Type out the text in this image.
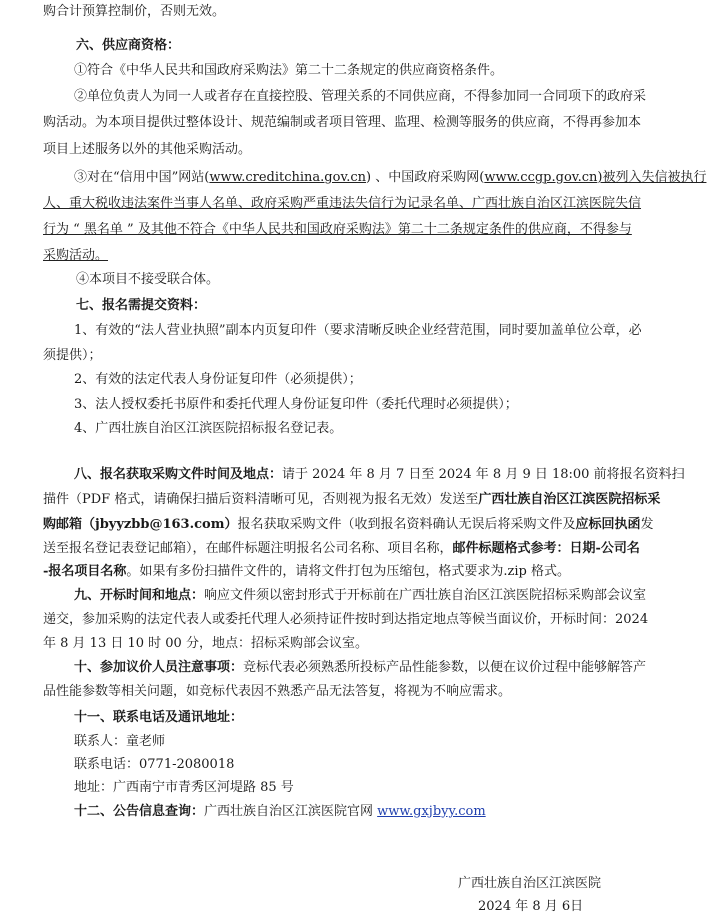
购合计预算控制价，否则无效。
六、供应商资格：
①符合《中华人民共和国政府采购法》第二十二条规定的供应商资格条件。
②单位负责人为同一人或者存在直接控股、管理关系的不同供应商，不得参加同一合同项下的政府采
购活动。为本项目提供过整体设计、规范编制或者项目管理、监理、检测等服务的供应商，不得再参加本
项目上述服务以外的其他采购活动。
③对在“信用中国”网站(www.creditchina.gov.cn) 、中国政府采购网(www.ccgp.gov.cn)被列入失信被执行
人、重大税收违法案件当事人名单、政府采购严重违法失信行为记录名单、广西壮族自治区江滨医院失信
行为 “ 黑名单 ” 及其他不符合《中华人民共和国政府采购法》第二十二条规定条件的供应商，不得参与
采购活动。
④本项目不接受联合体。
七、报名需提交资料：
1、有效的“法人营业执照”副本内页复印件（要求清晰反映企业经营范围，同时要加盖单位公章，必
须提供）；
2、有效的法定代表人身份证复印件（必须提供）；
3、法人授权委托书原件和委托代理人身份证复印件（委托代理时必须提供）；
4、广西壮族自治区江滨医院招标报名登记表。
八、报名获取采购文件时间及地点：请于 2024 年 8 月 7 日至 2024 年 8 月 9 日 18:00 前将报名资料扫
描件（PDF 格式，请确保扫描后资料清晰可见，否则视为报名无效）发送至广西壮族自治区江滨医院招标采
购邮箱（jbyyzbb@163.com）报名获取采购文件（收到报名资料确认无误后将采购文件及应标回执函发
送至报名登记表登记邮箱），在邮件标题注明报名公司名称、项目名称，邮件标题格式参考：日期-公司名
-报名项目名称。如果有多份扫描件文件的，请将文件打包为压缩包，格式要求为.zip 格式。
九、开标时间和地点：响应文件须以密封形式于开标前在广西壮族自治区江滨医院招标采购部会议室
递交，参加采购的法定代表人或委托代理人必须持证件按时到达指定地点等候当面议价，开标时间：2024
年 8 月 13 日 10 时 00 分，地点：招标采购部会议室。
十、参加议价人员注意事项：竞标代表必须熟悉所投标产品性能参数，以便在议价过程中能够解答产
品性能参数等相关问题，如竞标代表因不熟悉产品无法答复，将视为不响应需求。
十一、联系电话及通讯地址：
联系人：童老师
联系电话：0771-2080018
地址：广西南宁市青秀区河堤路 85 号
十二、公告信息查询：广西壮族自治区江滨医院官网 www.gxjbyy.com
广西壮族自治区江滨医院
2024 年 8 月 6日
